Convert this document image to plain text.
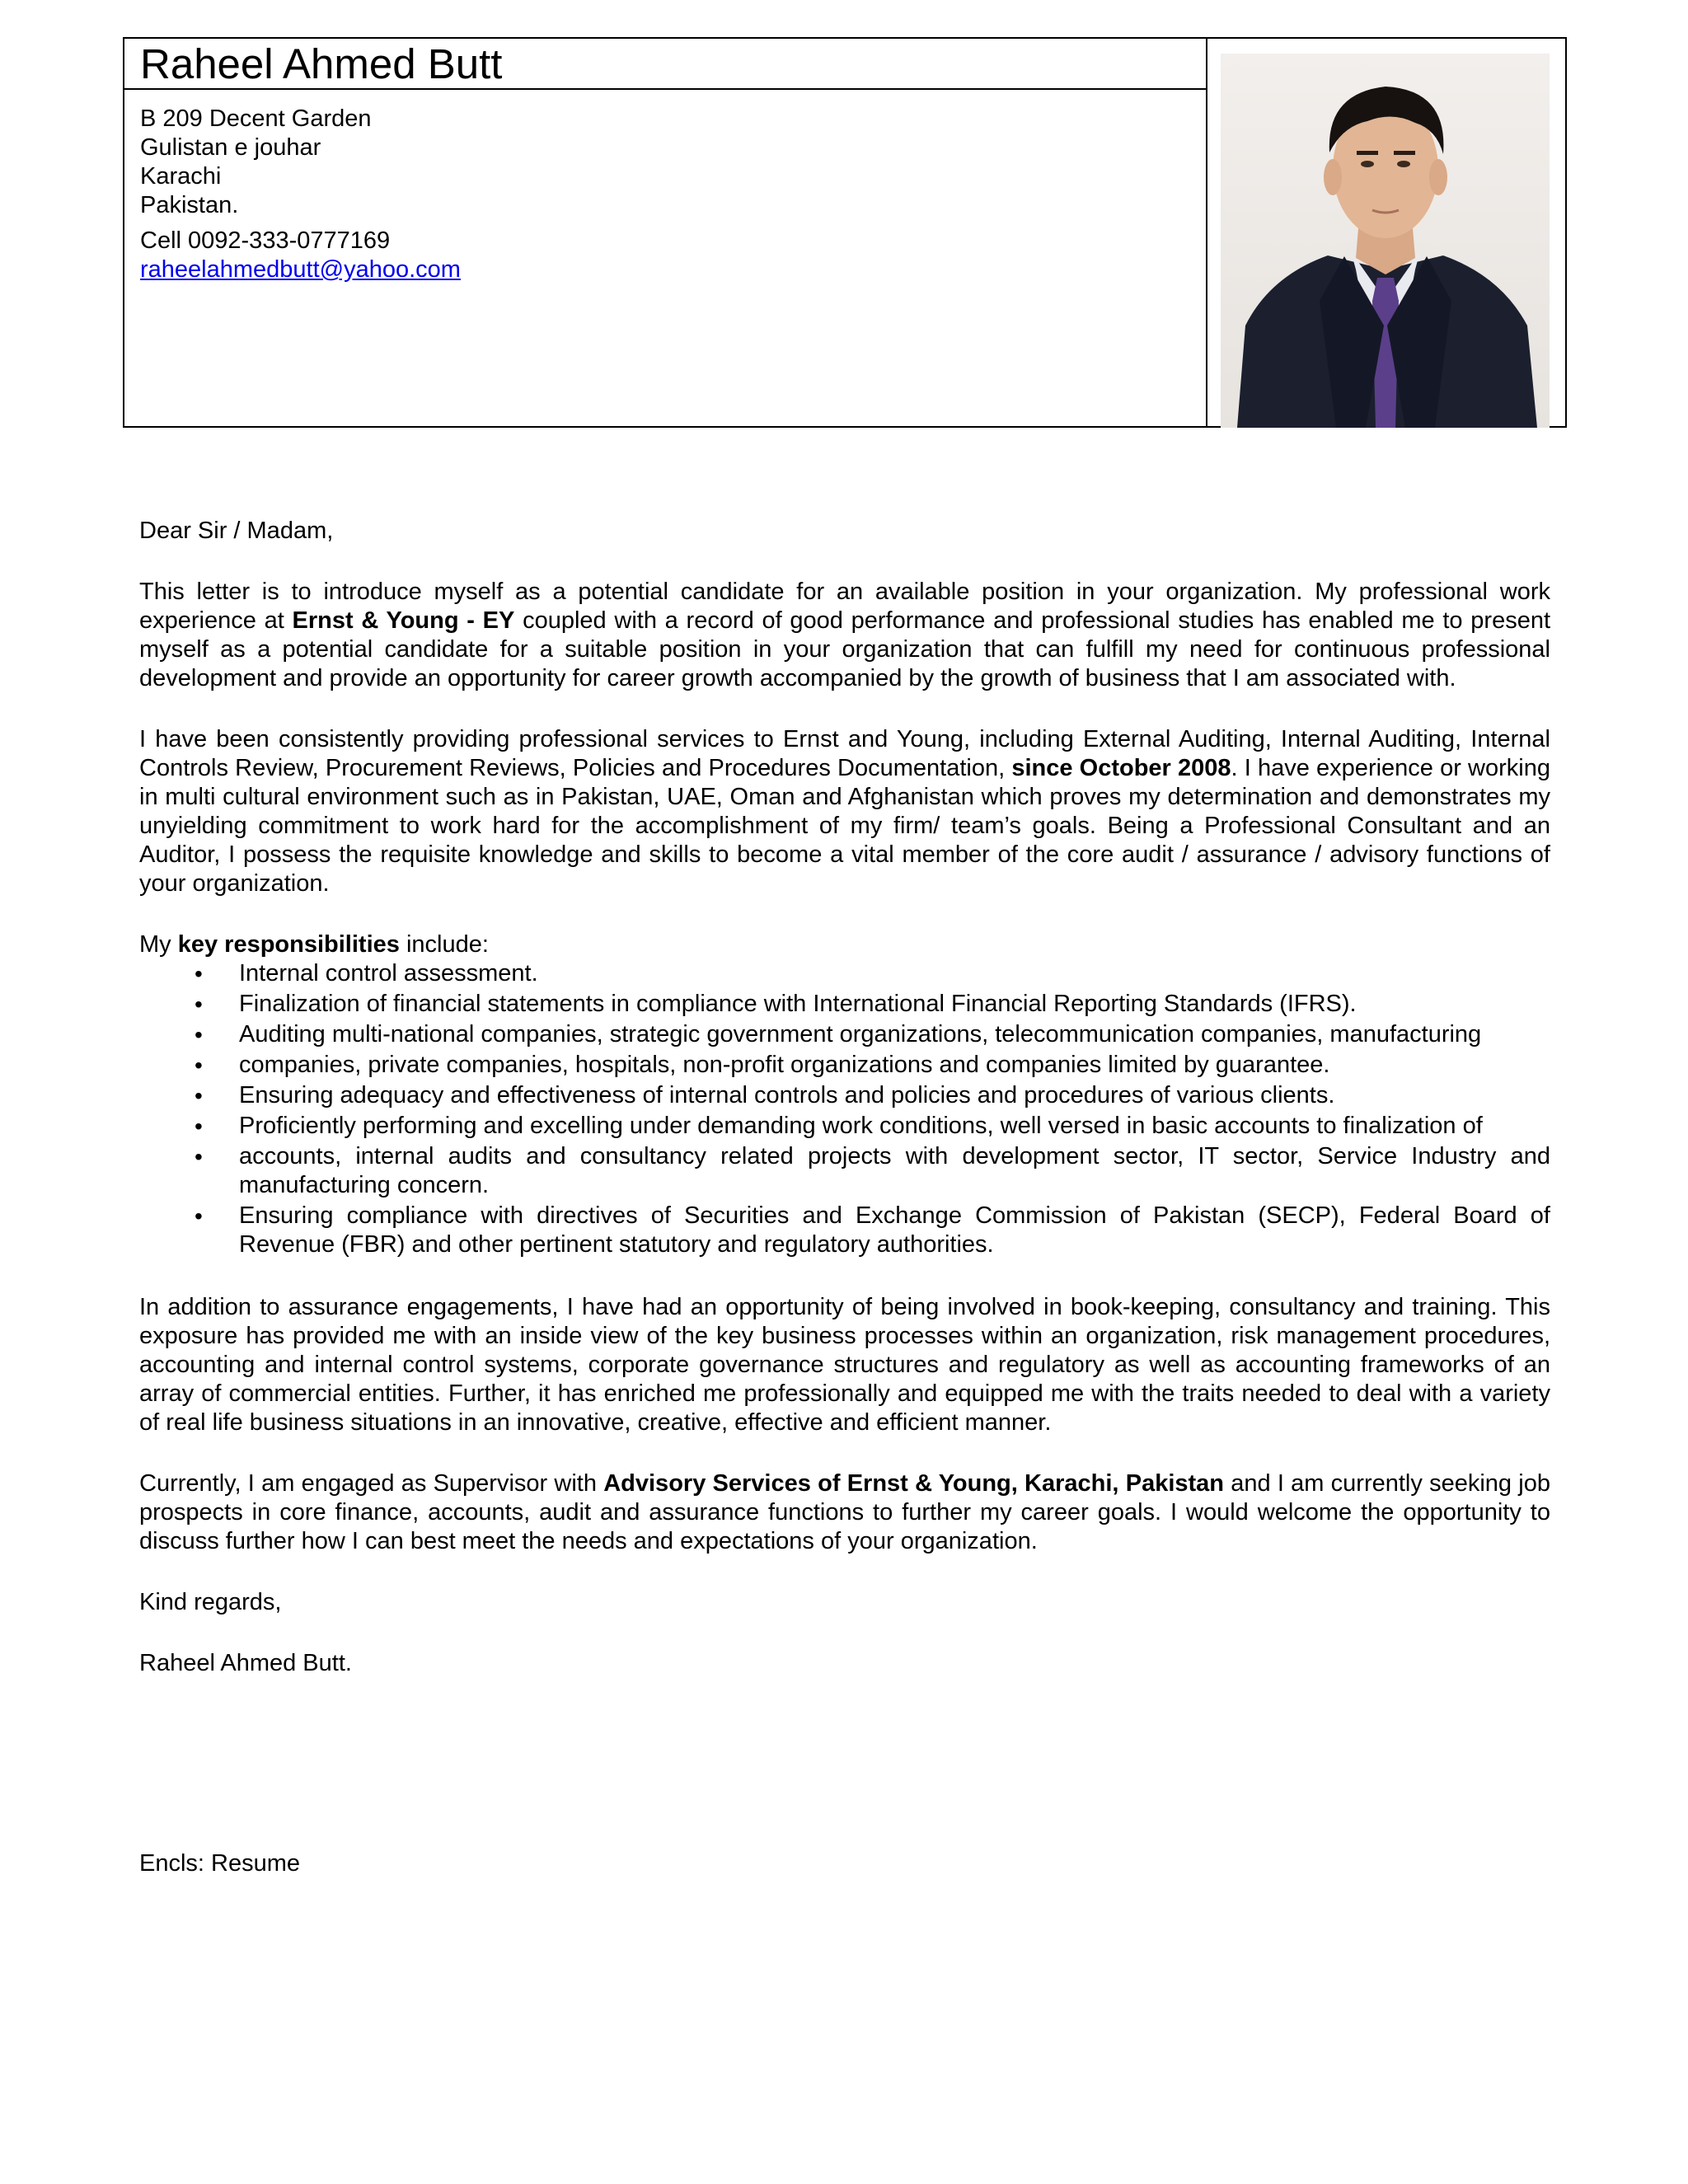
Raheel Ahmed Butt
B 209 Decent Garden
Gulistan e jouhar
Karachi
Pakistan.
Cell 0092-333-0777169
raheelahmedbutt@yahoo.com

Dear Sir / Madam,

This letter is to introduce myself as a potential candidate for an available position in your organization. My professional work experience at Ernst & Young - EY coupled with a record of good performance and professional studies has enabled me to present myself as a potential candidate for a suitable position in your organization that can fulfill my need for continuous professional development and provide an opportunity for career growth accompanied by the growth of business that I am associated with.

I have been consistently providing professional services to Ernst and Young, including External Auditing, Internal Auditing, Internal Controls Review, Procurement Reviews, Policies and Procedures Documentation, since October 2008. I have experience or working in multi cultural environment such as in Pakistan, UAE, Oman and Afghanistan which proves my determination and demonstrates my unyielding commitment to work hard for the accomplishment of my firm/ team’s goals. Being a Professional Consultant and an Auditor, I possess the requisite knowledge and skills to become a vital member of the core audit / assurance / advisory functions of your organization.

My key responsibilities include:

• Internal control assessment.
• Finalization of financial statements in compliance with International Financial Reporting Standards (IFRS).
• Auditing multi-national companies, strategic government organizations, telecommunication companies, manufacturing
• companies, private companies, hospitals, non-profit organizations and companies limited by guarantee.
• Ensuring adequacy and effectiveness of internal controls and policies and procedures of various clients.
• Proficiently performing and excelling under demanding work conditions, well versed in basic accounts to finalization of
• accounts, internal audits and consultancy related projects with development sector, IT sector, Service Industry and manufacturing concern.
• Ensuring compliance with directives of Securities and Exchange Commission of Pakistan (SECP), Federal Board of Revenue (FBR) and other pertinent statutory and regulatory authorities.

In addition to assurance engagements, I have had an opportunity of being involved in book-keeping, consultancy and training. This exposure has provided me with an inside view of the key business processes within an organization, risk management procedures, accounting and internal control systems, corporate governance structures and regulatory as well as accounting frameworks of an array of commercial entities. Further, it has enriched me professionally and equipped me with the traits needed to deal with a variety of real life business situations in an innovative, creative, effective and efficient manner.

Currently, I am engaged as Supervisor with Advisory Services of Ernst & Young, Karachi, Pakistan and I am currently seeking job prospects in core finance, accounts, audit and assurance functions to further my career goals. I would welcome the opportunity to discuss further how I can best meet the needs and expectations of your organization.

Kind regards,

Raheel Ahmed Butt.

Encls: Resume
